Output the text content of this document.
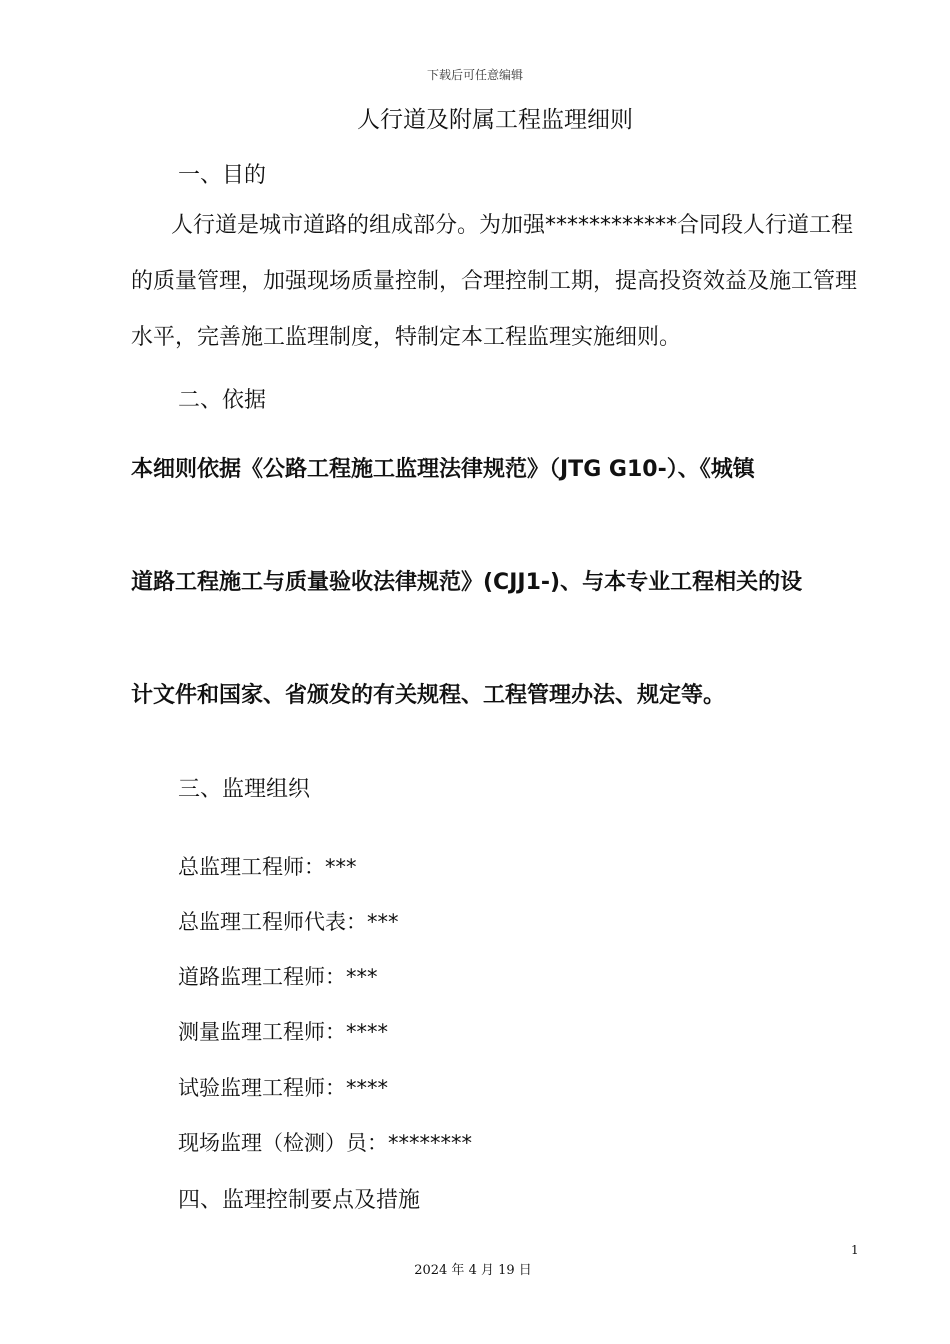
下载后可任意编辑
人行道及附属工程监理细则
一、目的
人行道是城市道路的组成部分。为加强************合同段人行道工程的质量管理，加强现场质量控制，合理控制工期，提高投资效益及施工管理水平，完善施工监理制度，特制定本工程监理实施细则。
二、依据
本细则依据《公路工程施工监理法律规范》（JTG G10-）、《城镇
道路工程施工与质量验收法律规范》(CJJ1-)、与本专业工程相关的设
计文件和国家、省颁发的有关规程、工程管理办法、规定等。
三、监理组织
总监理工程师：***
总监理工程师代表：***
道路监理工程师：***
测量监理工程师：****
试验监理工程师：****
现场监理（检测）员：********
四、监理控制要点及措施
1
2024 年 4 月 19 日
